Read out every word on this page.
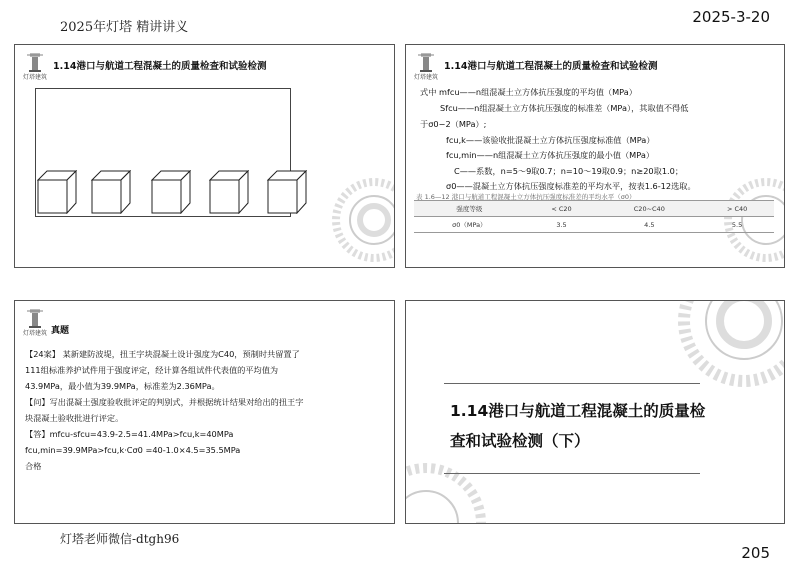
2025年灯塔 精讲讲义
2025-3-20
灯塔建筑
1.14港口与航道工程混凝土的质量检查和试验检测
灯塔建筑
1.14港口与航道工程混凝土的质量检查和试验检测
式中 mfcu——n组混凝土立方体抗压强度的平均值（MPa）
Sfcu——n组混凝土立方体抗压强度的标准差（MPa），其取值不得低
于σ0−2（MPa）;
fcu,k——该验收批混凝土立方体抗压强度标准值（MPa）
fcu,min——n组混凝土立方体抗压强度的最小值（MPa）
C——系数，n=5～9取0.7；n=10～19取0.9；n≥20取1.0；
σ0——混凝土立方体抗压强度标准差的平均水平，按表1.6-12选取。
表 1.6—12 港口与航道工程混凝土立方体抗压强度标准差的平均水平（σ0）
强度等级	< C20	C20~C40	> C40
σ0（MPa）	3.5	4.5	5.5
灯塔建筑 真题
【24案】 某新建防波堤，扭王字块混凝土设计强度为C40，预制时共留置了
111组标准养护试件用于强度评定，经计算各组试件代表值的平均值为
43.9MPa，最小值为39.9MPa，标准差为2.36MPa。
【问】写出混凝土强度验收批评定的判别式，并根据统计结果对给出的扭王字
块混凝土验收批进行评定。
【答】mfcu-sfcu=43.9-2.5=41.4MPa>fcu,k=40MPa
fcu,min=39.9MPa>fcu,k·Cσ0 =40-1.0×4.5=35.5MPa
合格
1.14港口与航道工程混凝土的质量检
查和试验检测（下）
灯塔老师微信-dtgh96
205
